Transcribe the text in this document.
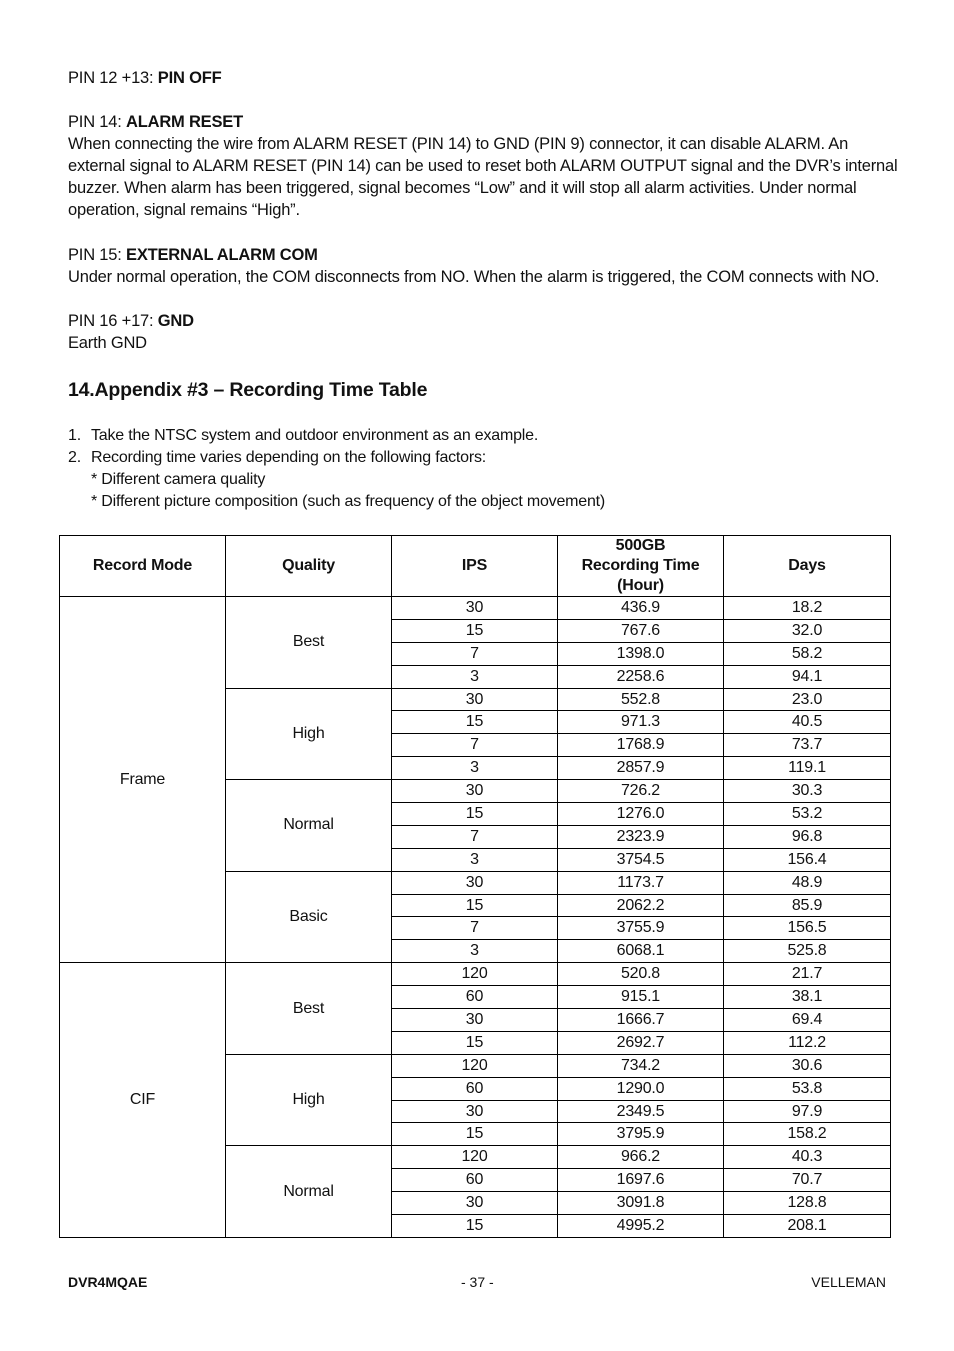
PIN 12 +13: PIN OFF
PIN 14: ALARM RESET
When connecting the wire from ALARM RESET (PIN 14) to GND (PIN 9) connector, it can disable ALARM. An external signal to ALARM RESET (PIN 14) can be used to reset both ALARM OUTPUT signal and the DVR’s internal buzzer. When alarm has been triggered, signal becomes “Low” and it will stop all alarm activities. Under normal operation, signal remains “High”.
PIN 15: EXTERNAL ALARM COM
Under normal operation, the COM disconnects from NO. When the alarm is triggered, the COM connects with NO.
PIN 16 +17: GND
Earth GND
14.Appendix #3 – Recording Time Table
1. Take the NTSC system and outdoor environment as an example.
2. Recording time varies depending on the following factors:
* Different camera quality
* Different picture composition (such as frequency of the object movement)
Record Mode	Quality	IPS	500GB Recording Time (Hour)	Days
Frame	Best	30	436.9	18.2
		15	767.6	32.0
		7	1398.0	58.2
		3	2258.6	94.1
	High	30	552.8	23.0
		15	971.3	40.5
		7	1768.9	73.7
		3	2857.9	119.1
	Normal	30	726.2	30.3
		15	1276.0	53.2
		7	2323.9	96.8
		3	3754.5	156.4
	Basic	30	1173.7	48.9
		15	2062.2	85.9
		7	3755.9	156.5
		3	6068.1	525.8
CIF	Best	120	520.8	21.7
		60	915.1	38.1
		30	1666.7	69.4
		15	2692.7	112.2
	High	120	734.2	30.6
		60	1290.0	53.8
		30	2349.5	97.9
		15	3795.9	158.2
	Normal	120	966.2	40.3
		60	1697.6	70.7
		30	3091.8	128.8
		15	4995.2	208.1
DVR4MQAE	- 37 -	VELLEMAN
